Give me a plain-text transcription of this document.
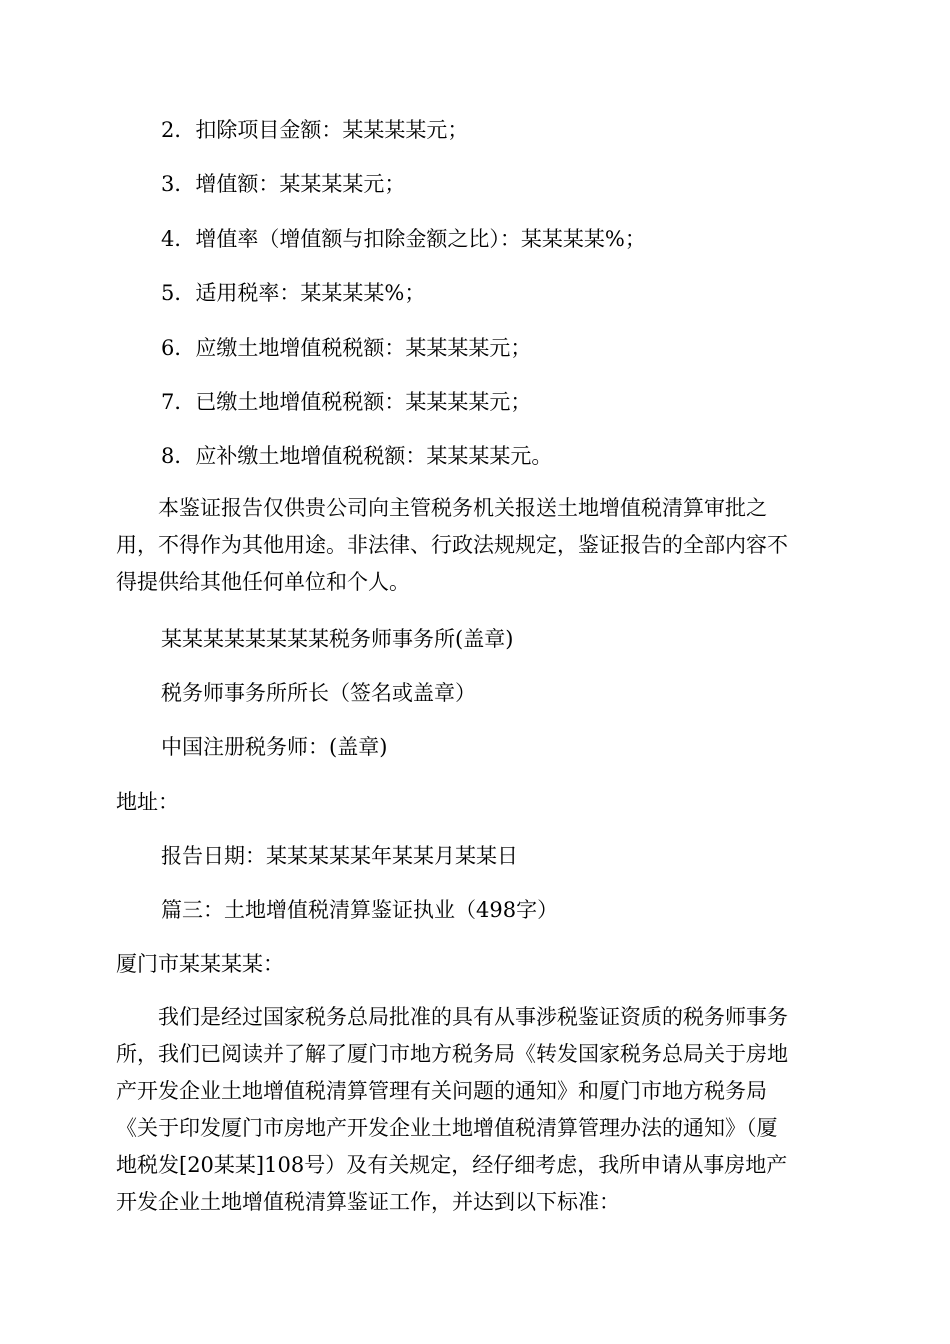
2．扣除项目金额：某某某某元；

3．增值额：某某某某元；

4．增值率（增值额与扣除金额之比）：某某某某%；

5．适用税率：某某某某%；

6．应缴土地增值税税额：某某某某元；

7．已缴土地增值税税额：某某某某元；

8．应补缴土地增值税税额：某某某某元。

　　本鉴证报告仅供贵公司向主管税务机关报送土地增值税清算审批之
用，不得作为其他用途。非法律、行政法规规定，鉴证报告的全部内容不
得提供给其他任何单位和个人。

某某某某某某某某税务师事务所(盖章)

税务师事务所所长（签名或盖章）

中国注册税务师：(盖章)

地址：

报告日期：某某某某某年某某月某某日

篇三：土地增值税清算鉴证执业（498字）

厦门市某某某某：

　　我们是经过国家税务总局批准的具有从事涉税鉴证资质的税务师事务
所，我们已阅读并了解了厦门市地方税务局《转发国家税务总局关于房地
产开发企业土地增值税清算管理有关问题的通知》和厦门市地方税务局
《关于印发厦门市房地产开发企业土地增值税清算管理办法的通知》（厦
地税发[20某某]108号）及有关规定，经仔细考虑，我所申请从事房地产
开发企业土地增值税清算鉴证工作，并达到以下标准：
